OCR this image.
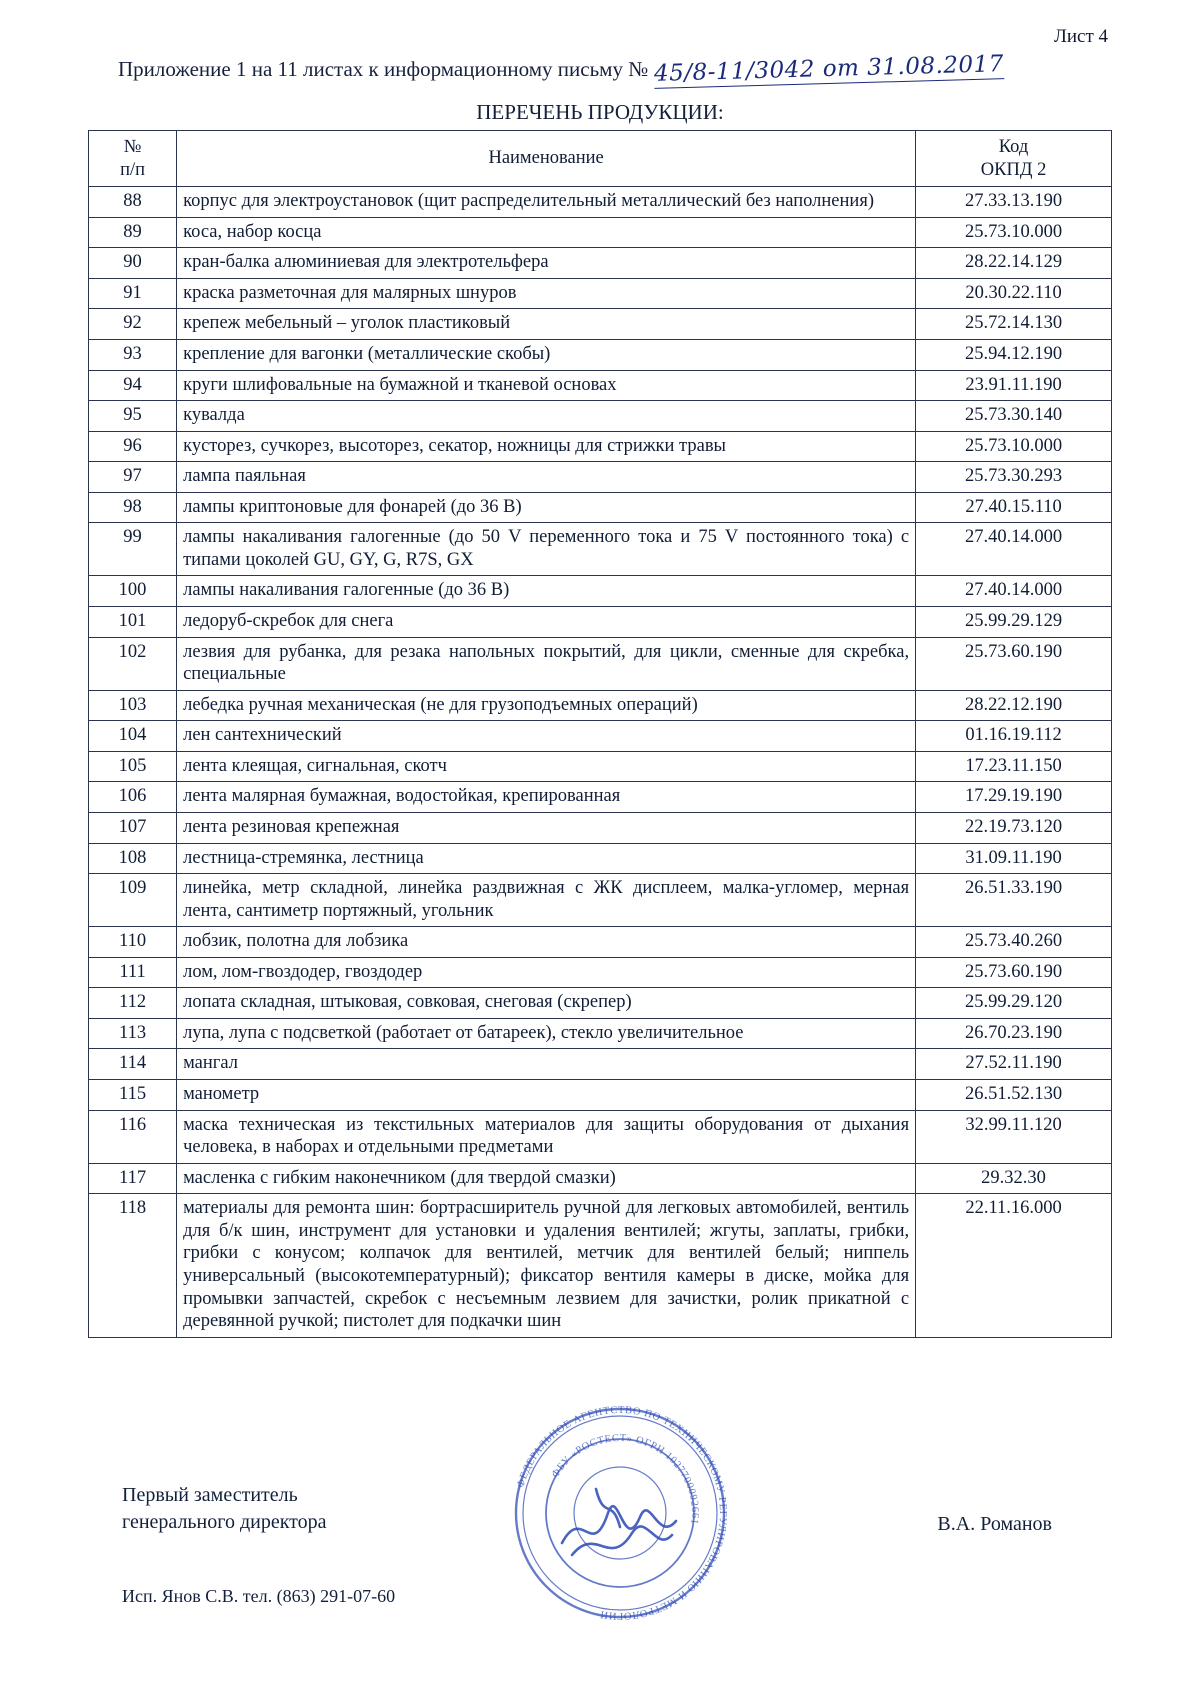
Лист 4
Приложение 1 на 11 листах к информационному письму № 45/8-11/3042 от 31.08.2017
ПЕРЕЧЕНЬ ПРОДУКЦИИ:
№
п/п	Наименование	Код
ОКПД 2

88	корпус для электроустановок (щит распределительный металлический без наполнения)	27.33.13.190
89	коса, набор косца	25.73.10.000
90	кран-балка алюминиевая для электротельфера	28.22.14.129
91	краска разметочная для малярных шнуров	20.30.22.110
92	крепеж мебельный – уголок пластиковый	25.72.14.130
93	крепление для вагонки (металлические скобы)	25.94.12.190
94	круги шлифовальные на бумажной и тканевой основах	23.91.11.190
95	кувалда	25.73.30.140
96	кусторез, сучкорез, высоторез, секатор, ножницы для стрижки травы	25.73.10.000
97	лампа паяльная	25.73.30.293
98	лампы криптоновые для фонарей (до 36 В)	27.40.15.110
99	лампы накаливания галогенные (до 50 V переменного тока и 75 V постоянного тока) с типами цоколей GU, GY, G, R7S, GX	27.40.14.000
100	лампы накаливания галогенные (до 36 В)	27.40.14.000
101	ледоруб-скребок для снега	25.99.29.129
102	лезвия для рубанка, для резака напольных покрытий, для цикли, сменные для скребка, специальные	25.73.60.190
103	лебедка ручная механическая (не для грузоподъемных операций)	28.22.12.190
104	лен сантехнический	01.16.19.112
105	лента клеящая, сигнальная, скотч	17.23.11.150
106	лента малярная бумажная, водостойкая, крепированная	17.29.19.190
107	лента резиновая крепежная	22.19.73.120
108	лестница-стремянка, лестница	31.09.11.190
109	линейка, метр складной, линейка раздвижная с ЖК дисплеем, малка-угломер, мерная лента, сантиметр портяжный, угольник	26.51.33.190
110	лобзик, полотна для лобзика	25.73.40.260
111	лом, лом-гвоздодер, гвоздодер	25.73.60.190
112	лопата складная, штыковая, совковая, снеговая (скрепер)	25.99.29.120
113	лупа, лупа с подсветкой (работает от батареек), стекло увеличительное	26.70.23.190
114	мангал	27.52.11.190
115	манометр	26.51.52.130
116	маска техническая из текстильных материалов для защиты оборудования от дыхания человека, в наборах и отдельными предметами	32.99.11.120
117	масленка с гибким наконечником (для твердой смазки)	29.32.30
118	материалы для ремонта шин: бортрасширитель ручной для легковых автомобилей, вентиль для б/к шин, инструмент для установки и удаления вентилей; жгуты, заплаты, грибки, грибки с конусом; колпачок для вентилей, метчик для вентилей белый; ниппель универсальный (высокотемпературный); фиксатор вентиля камеры в диске, мойка для промывки запчастей, скребок с несъемным лезвием для зачистки, ролик прикатной с деревянной ручкой; пистолет для подкачки шин	22.11.16.000
Первый заместитель
генерального директора	В.А. Романов
Исп. Янов С.В. тел. (863) 291-07-60
ФЕДЕРАЛЬНОЕ АГЕНТСТВО ПО ТЕХНИЧЕСКОМУ РЕГУЛИРОВАНИЮ И МЕТРОЛОГИИ
ФБУ «РОСТЕСТ» ОГРН 1027700092661
